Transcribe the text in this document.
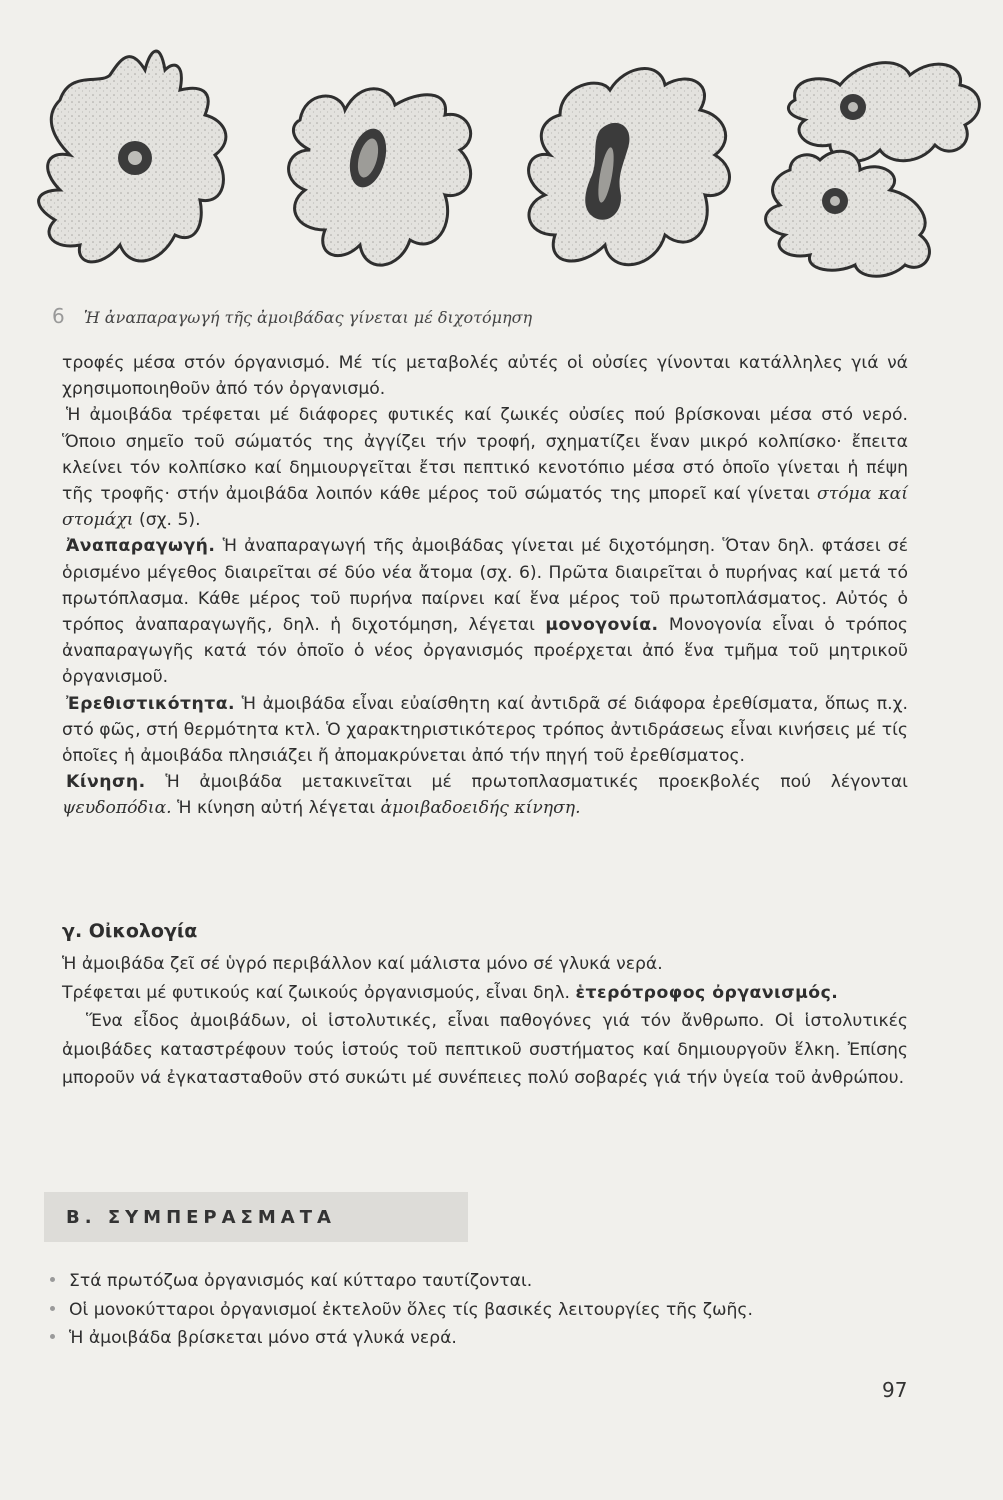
6 Ἡ ἀναπαραγωγή τῆς ἀμοιβάδας γίνεται μέ διχοτόμηση

τροφές μέσα στόν όργανισμό. Μέ τίς μεταβολές αὐτές οἱ οὐσίες γίνονται κατάλληλες γιά νά χρησιμοποιηθοῦν ἀπό τόν ὀργανισμό.

Ἡ ἀμοιβάδα τρέφεται μέ διάφορες φυτικές καί ζωικές οὐσίες πού βρίσκοναι μέσα στό νερό. Ὅποιο σημεῖο τοῦ σώματός της ἀγγίζει τήν τροφή, σχηματίζει ἕναν μικρό κολπίσκο· ἔπειτα κλείνει τόν κολπίσκο καί δημιουργεῖται ἔτσι πεπτικό κενοτόπιο μέσα στό ὁποῖο γίνεται ἡ πέψη τῆς τροφῆς· στήν ἀμοιβάδα λοιπόν κάθε μέρος τοῦ σώματός της μπορεῖ καί γίνεται στόμα καί στομάχι (σχ. 5).

Ἀναπαραγωγή. Ἡ ἀναπαραγωγή τῆς ἀμοιβάδας γίνεται μέ διχοτόμηση. Ὅταν δηλ. φτάσει σέ ὁρισμένο μέγεθος διαιρεῖται σέ δύο νέα ἄτομα (σχ. 6). Πρῶτα διαιρεῖται ὁ πυρήνας καί μετά τό πρωτόπλασμα. Κάθε μέρος τοῦ πυρήνα παίρνει καί ἕνα μέρος τοῦ πρωτοπλάσματος. Αὐτός ὁ τρόπος ἀναπαραγωγῆς, δηλ. ἡ διχοτόμηση, λέγεται μονογονία. Μονογονία εἶναι ὁ τρόπος ἀναπαραγωγῆς κατά τόν ὁποῖο ὁ νέος ὀργανισμός προέρχεται ἀπό ἕνα τμῆμα τοῦ μητρικοῦ ὀργανισμοῦ.

Ἐρεθιστικότητα. Ἡ ἀμοιβάδα εἶναι εὐαίσθητη καί ἀντιδρᾶ σέ διάφορα ἐρεθίσματα, ὅπως π.χ. στό φῶς, στή θερμότητα κτλ. Ὁ χαρακτηριστικότερος τρόπος ἀντιδράσεως εἶναι κινήσεις μέ τίς ὁποῖες ἡ ἀμοιβάδα πλησιάζει ἤ ἀπομακρύνεται ἀπό τήν πηγή τοῦ ἐρεθίσματος.

Κίνηση. Ἡ ἀμοιβάδα μετακινεῖται μέ πρωτοπλασματικές προεκβολές πού λέγονται ψευδοπόδια. Ἡ κίνηση αὐτή λέγεται ἀμοιβαδοειδής κίνηση.

γ. Οἰκολογία

Ἡ ἀμοιβάδα ζεῖ σέ ὑγρό περιβάλλον καί μάλιστα μόνο σέ γλυκά νερά.

Τρέφεται μέ φυτικούς καί ζωικούς ὀργανισμούς, εἶναι δηλ. ἑτερότροφος ὀργανισμός.

Ἕνα εἶδος ἀμοιβάδων, οἱ ἱστολυτικές, εἶναι παθογόνες γιά τόν ἄνθρωπο. Οἱ ἱστολυτικές ἀμοιβάδες καταστρέφουν τούς ἱστούς τοῦ πεπτικοῦ συστήματος καί δημιουργοῦν ἕλκη. Ἐπίσης μποροῦν νά ἐγκατασταθοῦν στό συκώτι μέ συνέπειες πολύ σοβαρές γιά τήν ὑγεία τοῦ ἀνθρώπου.

Β. ΣΥΜΠΕΡΑΣΜΑΤΑ
Στά πρωτόζωα ὀργανισμός καί κύτταρο ταυτίζονται.
Οἱ μονοκύτταροι ὀργανισμοί ἐκτελοῦν ὅλες τίς βασικές λειτουργίες τῆς ζωῆς.
Ἡ ἀμοιβάδα βρίσκεται μόνο στά γλυκά νερά.
97
